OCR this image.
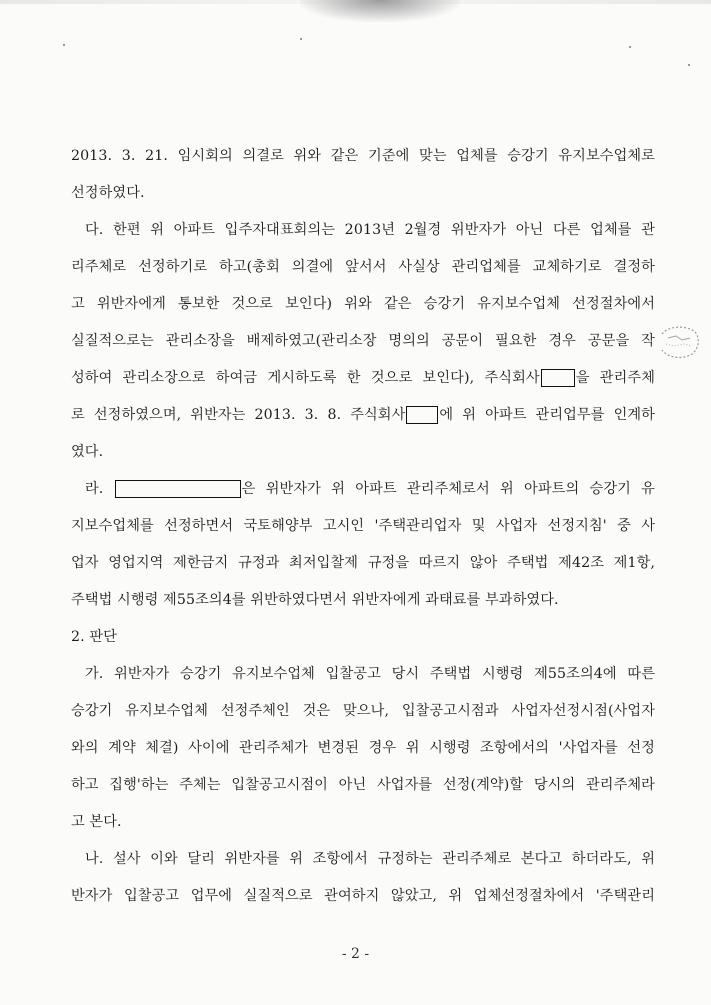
2013. 3. 21. 임시회의 의결로 위와 같은 기준에 맞는 업체를 승강기 유지보수업체로
선정하였다.
다. 한편 위 아파트 입주자대표회의는 2013년 2월경 위반자가 아닌 다른 업체를 관
리주체로 선정하기로 하고(총회 의결에 앞서서 사실상 관리업체를 교체하기로 결정하
고 위반자에게 통보한 것으로 보인다) 위와 같은 승강기 유지보수업체 선정절차에서
실질적으로는 관리소장을 배제하였고(관리소장 명의의 공문이 필요한 경우 공문을 작
성하여 관리소장으로 하여금 게시하도록 한 것으로 보인다), 주식회사	을 관리주체
로 선정하였으며, 위반자는 2013. 3. 8. 주식회사 에 위 아파트 관리업무를 인계하
였다.
라.	은 위반자가 위 아파트 관리주체로서 위 아파트의 승강기 유
지보수업체를 선정하면서 국토해양부 고시인 '주택관리업자 및 사업자 선정지침' 중 사
업자 영업지역 제한금지 규정과 최저입찰제 규정을 따르지 않아 주택법 제42조 제1항,
주택법 시행령 제55조의4를 위반하였다면서 위반자에게 과태료를 부과하였다.
2. 판단
가. 위반자가 승강기 유지보수업체 입찰공고 당시 주택법 시행령 제55조의4에 따른
승강기 유지보수업체 선정주체인 것은 맞으나, 입찰공고시점과 사업자선정시점(사업자
와의 계약 체결) 사이에 관리주체가 변경된 경우 위 시행령 조항에서의 '사업자를 선정
하고 집행'하는 주체는 입찰공고시점이 아닌 사업자를 선정(계약)할 당시의 관리주체라
고 본다.
나. 설사 이와 달리 위반자를 위 조항에서 규정하는 관리주체로 본다고 하더라도, 위
반자가 입찰공고 업무에 실질적으로 관여하지 않았고, 위 업체선정절차에서 '주택관리
- 2 -
